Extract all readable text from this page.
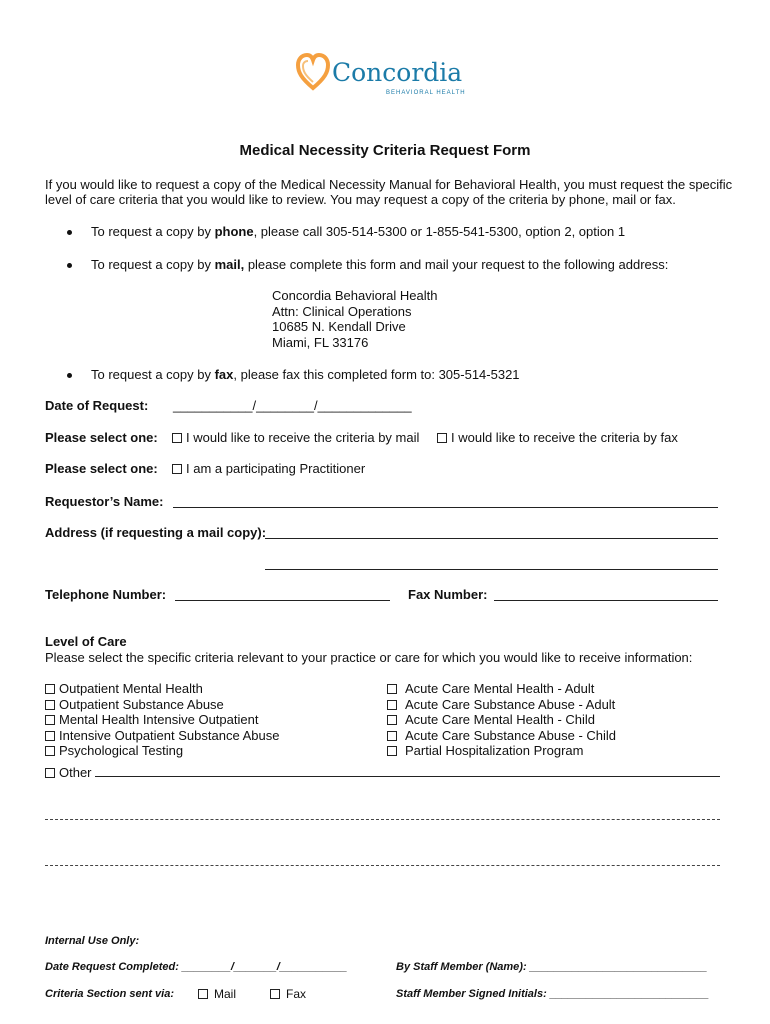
Concordia
BEHAVIORAL HEALTH
Medical Necessity Criteria Request Form
If you would like to request a copy of the Medical Necessity Manual for Behavioral Health, you must request the specific
level of care criteria that you would like to review. You may request a copy of the criteria by phone, mail or fax.
To request a copy by phone, please call 305-514-5300 or 1-855-541-5300, option 2, option 1
To request a copy by mail, please complete this form and mail your request to the following address:
Concordia Behavioral Health
Attn: Clinical Operations
10685 N. Kendall Drive
Miami, FL 33176
To request a copy by fax, please fax this completed form to: 305-514-5321
Date of Request: ___________/________/_____________
Please select one:	I would like to receive the criteria by mail	I would like to receive the criteria by fax
Please select one:	I am a participating Practitioner
Requestor’s Name:
Address (if requesting a mail copy):
Telephone Number:	Fax Number:
Level of Care
Please select the specific criteria relevant to your practice or care for which you would like to receive information:
Outpatient Mental Health
Outpatient Substance Abuse
Mental Health Intensive Outpatient
Intensive Outpatient Substance Abuse
Psychological Testing
Acute Care Mental Health - Adult
Acute Care Substance Abuse - Adult
Acute Care Mental Health - Child
Acute Care Substance Abuse - Child
Partial Hospitalization Program
Other
Internal Use Only:
Date Request Completed: ________/_______/___________	By Staff Member (Name): _____________________________
Criteria Section sent via:	Mail	Fax	Staff Member Signed Initials: __________________________
